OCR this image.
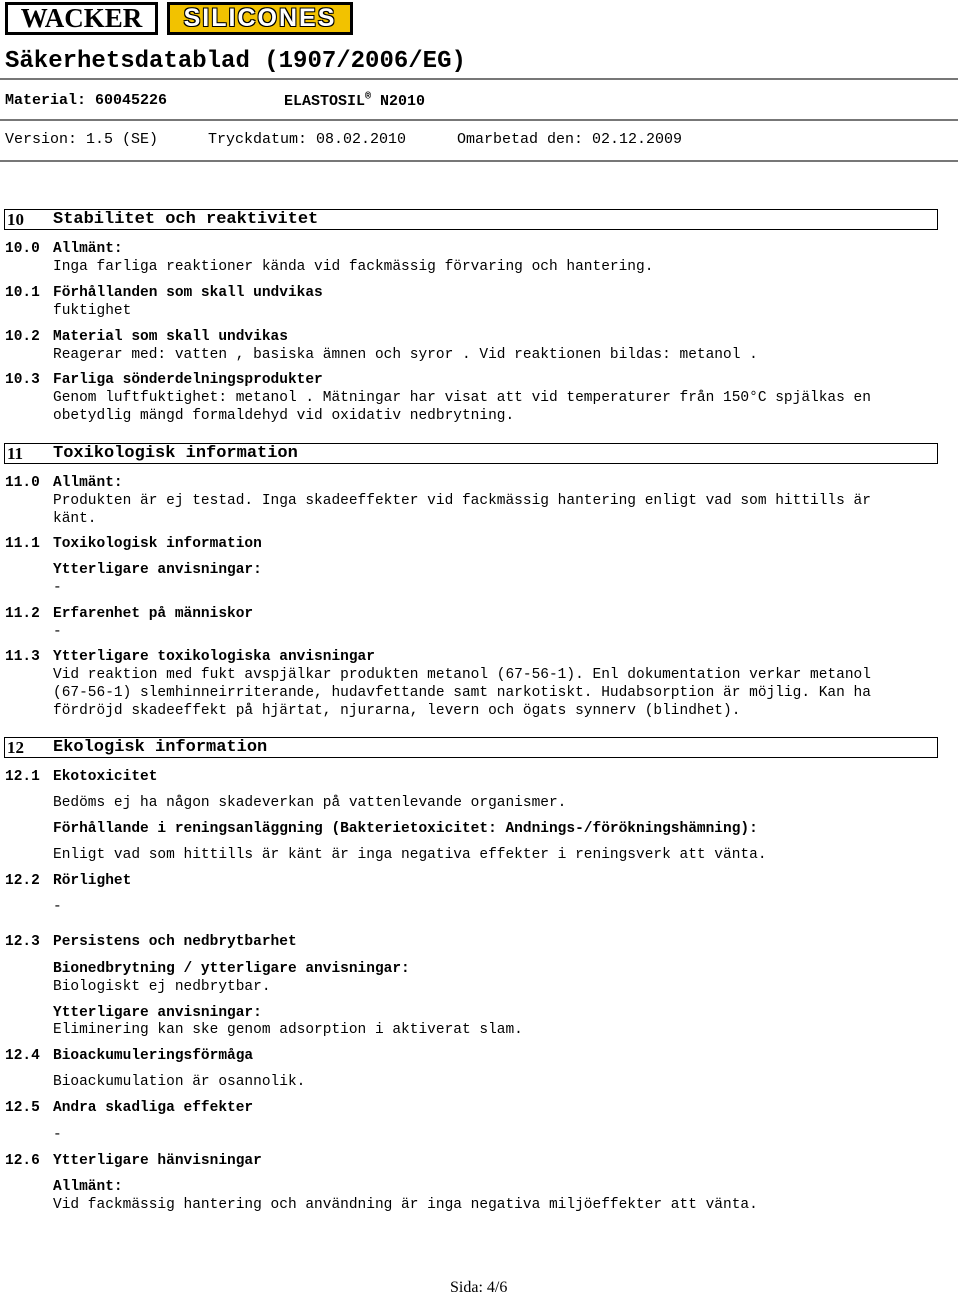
WACKER	SILICONES
Säkerhetsdatablad (1907/2006/EG)
Material: 60045226	ELASTOSIL® N2010
Version: 1.5 (SE)	Tryckdatum: 08.02.2010	Omarbetad den: 02.12.2009
10 Stabilitet och reaktivitet
10.0 Allmänt:
Inga farliga reaktioner kända vid fackmässig förvaring och hantering.
10.1 Förhållanden som skall undvikas
fuktighet
10.2 Material som skall undvikas
Reagerar med: vatten , basiska ämnen och syror . Vid reaktionen bildas: metanol .
10.3 Farliga sönderdelningsprodukter
Genom luftfuktighet: metanol . Mätningar har visat att vid temperaturer från 150°C spjälkas en
obetydlig mängd formaldehyd vid oxidativ nedbrytning.
11 Toxikologisk information
11.0 Allmänt:
Produkten är ej testad. Inga skadeeffekter vid fackmässig hantering enligt vad som hittills är
känt.
11.1 Toxikologisk information
Ytterligare anvisningar:
-
11.2 Erfarenhet på människor
-
11.3 Ytterligare toxikologiska anvisningar
Vid reaktion med fukt avspjälkar produkten metanol (67-56-1). Enl dokumentation verkar metanol
(67-56-1) slemhinneirriterande, hudavfettande samt narkotiskt. Hudabsorption är möjlig. Kan ha
fördröjd skadeeffekt på hjärtat, njurarna, levern och ögats synnerv (blindhet).
12 Ekologisk information
12.1 Ekotoxicitet
Bedöms ej ha någon skadeverkan på vattenlevande organismer.
Förhållande i reningsanläggning (Bakterietoxicitet: Andnings-/förökningshämning):
Enligt vad som hittills är känt är inga negativa effekter i reningsverk att vänta.
12.2 Rörlighet
-
12.3 Persistens och nedbrytbarhet
Bionedbrytning / ytterligare anvisningar:
Biologiskt ej nedbrytbar.
Ytterligare anvisningar:
Eliminering kan ske genom adsorption i aktiverat slam.
12.4 Bioackumuleringsförmåga
Bioackumulation är osannolik.
12.5 Andra skadliga effekter
-
12.6 Ytterligare hänvisningar
Allmänt:
Vid fackmässig hantering och användning är inga negativa miljöeffekter att vänta.
Sida: 4/6
